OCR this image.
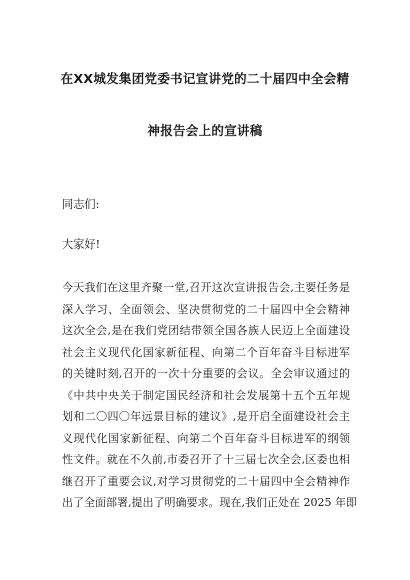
在XX城发集团党委书记宣讲党的二十届四中全会精
神报告会上的宣讲稿
同志们:
大家好!
今天我们在这里齐聚一堂,召开这次宣讲报告会,主要任务是
深入学习、全面领会、坚决贯彻党的二十届四中全会精神
这次全会,是在我们党团结带领全国各族人民迈上全面建设
社会主义现代化国家新征程、向第二个百年奋斗目标进军
的关键时刻,召开的一次十分重要的会议。全会审议通过的
《中共中央关于制定国民经济和社会发展第十五个五年规
划和二〇四〇年远景目标的建议》,是开启全面建设社会主
义现代化国家新征程、向第二个百年奋斗目标进军的纲领
性文件。就在不久前,市委召开了十三届七次全会,区委也相
继召开了重要会议,对学习贯彻党的二十届四中全会精神作
出了全面部署,提出了明确要求。现在,我们正处在 2025 年即
